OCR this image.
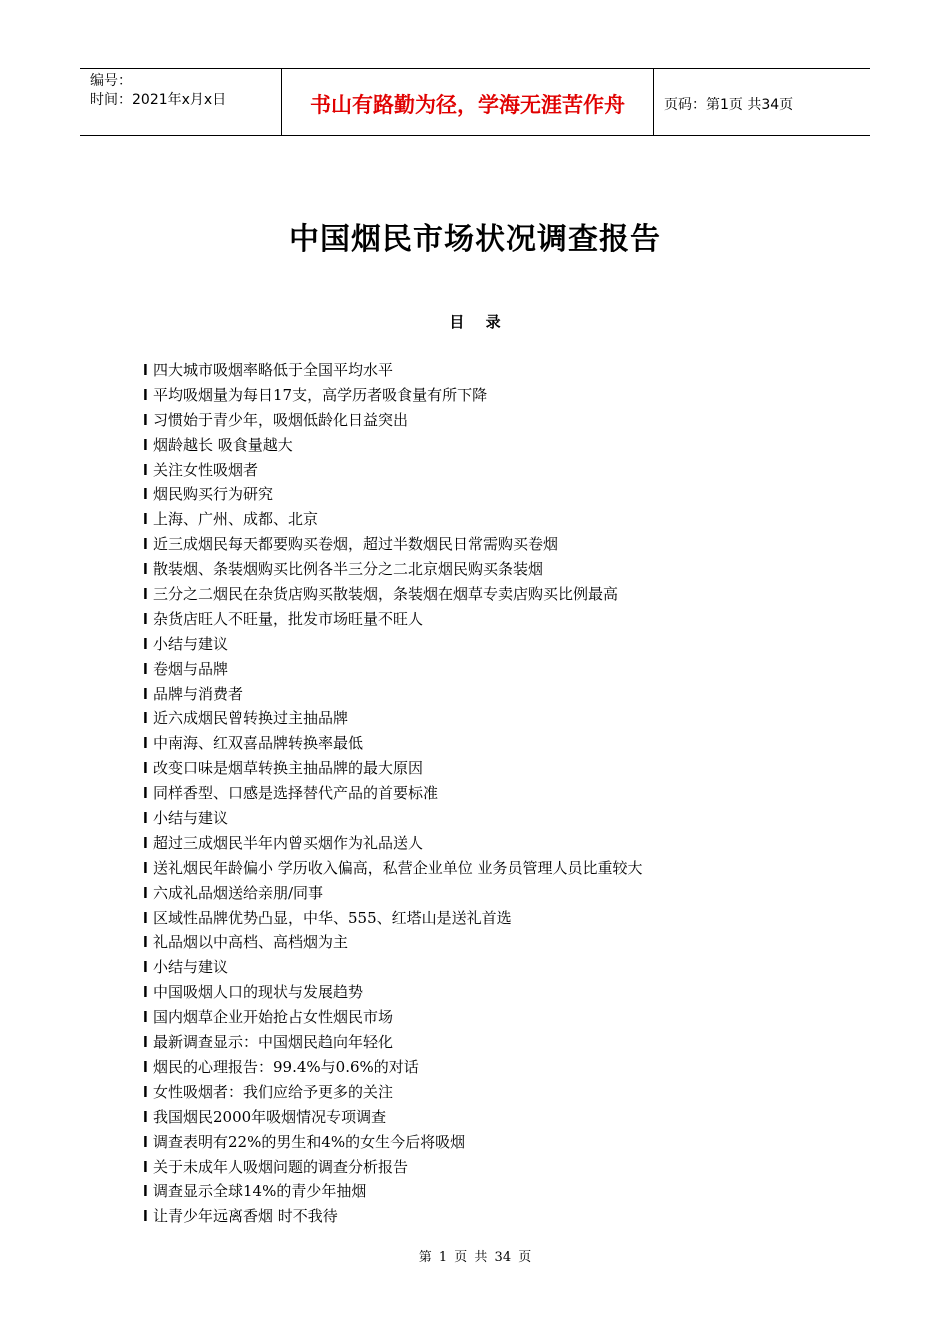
编号：
时间：2021年x月x日	书山有路勤为径，学海无涯苦作舟	页码：第1页 共34页
中国烟民市场状况调查报告
目 录
l 四大城市吸烟率略低于全国平均水平
l 平均吸烟量为每日17支，高学历者吸食量有所下降
l 习惯始于青少年，吸烟低龄化日益突出
l 烟龄越长 吸食量越大
l 关注女性吸烟者
l 烟民购买行为研究
l 上海、广州、成都、北京
l 近三成烟民每天都要购买卷烟，超过半数烟民日常需购买卷烟
l 散装烟、条装烟购买比例各半三分之二北京烟民购买条装烟
l 三分之二烟民在杂货店购买散装烟，条装烟在烟草专卖店购买比例最高
l 杂货店旺人不旺量，批发市场旺量不旺人
l 小结与建议
l 卷烟与品牌
l 品牌与消费者
l 近六成烟民曾转换过主抽品牌
l 中南海、红双喜品牌转换率最低
l 改变口味是烟草转换主抽品牌的最大原因
l 同样香型、口感是选择替代产品的首要标准
l 小结与建议
l 超过三成烟民半年内曾买烟作为礼品送人
l 送礼烟民年龄偏小 学历收入偏高，私营企业单位 业务员管理人员比重较大
l 六成礼品烟送给亲朋/同事
l 区域性品牌优势凸显，中华、555、红塔山是送礼首选
l 礼品烟以中高档、高档烟为主
l 小结与建议
l 中国吸烟人口的现状与发展趋势
l 国内烟草企业开始抢占女性烟民市场
l 最新调查显示：中国烟民趋向年轻化
l 烟民的心理报告：99.4%与0.6%的对话
l 女性吸烟者：我们应给予更多的关注
l 我国烟民2000年吸烟情况专项调查
l 调查表明有22%的男生和4%的女生今后将吸烟
l 关于未成年人吸烟问题的调查分析报告
l 调查显示全球14%的青少年抽烟
l 让青少年远离香烟 时不我待
第 1 页 共 34 页
